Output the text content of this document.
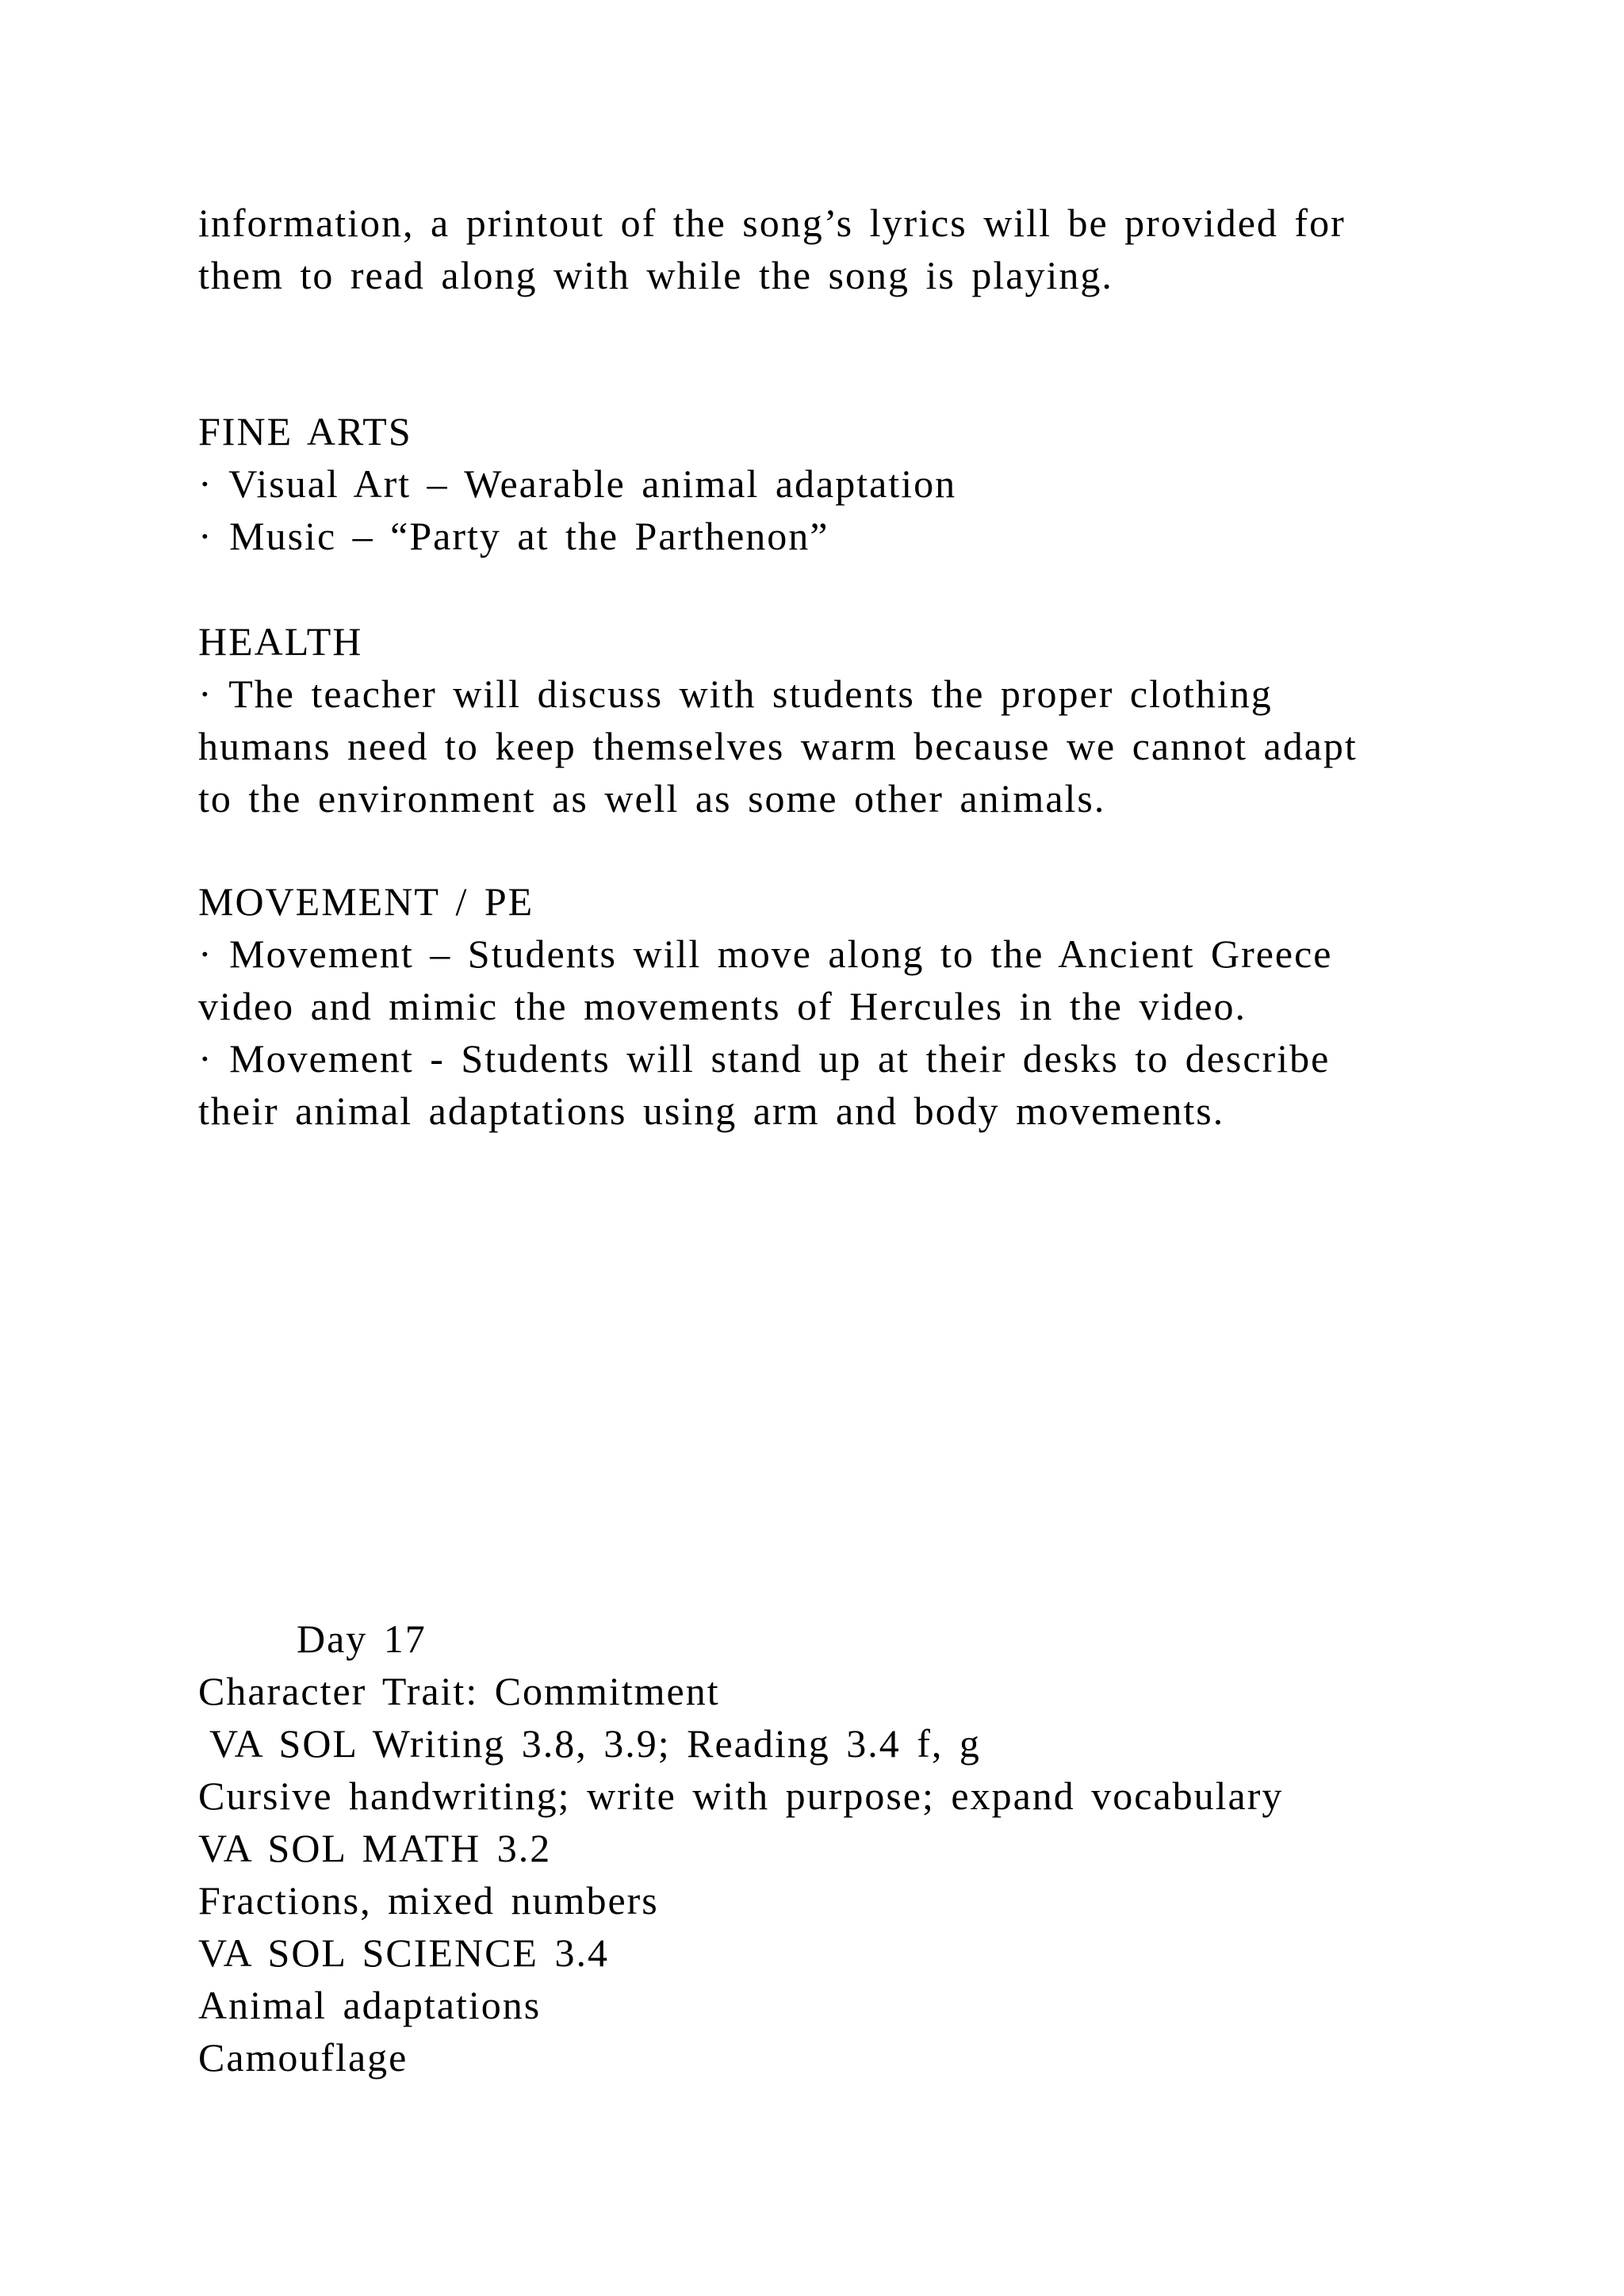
information, a printout of the song’s lyrics will be provided for

them to read along with while the song is playing.

FINE ARTS

· Visual Art – Wearable animal adaptation

· Music – “Party at the Parthenon”

HEALTH

· The teacher will discuss with students the proper clothing

humans need to keep themselves warm because we cannot adapt

to the environment as well as some other animals.

MOVEMENT / PE

· Movement – Students will move along to the Ancient Greece

video and mimic the movements of Hercules in the video.

· Movement - Students will stand up at their desks to describe

their animal adaptations using arm and body movements.

Day 17

Character Trait: Commitment

VA SOL Writing 3.8, 3.9; Reading 3.4 f, g

Cursive handwriting; write with purpose; expand vocabulary

VA SOL MATH 3.2

Fractions, mixed numbers

VA SOL SCIENCE 3.4

Animal adaptations

Camouflage
